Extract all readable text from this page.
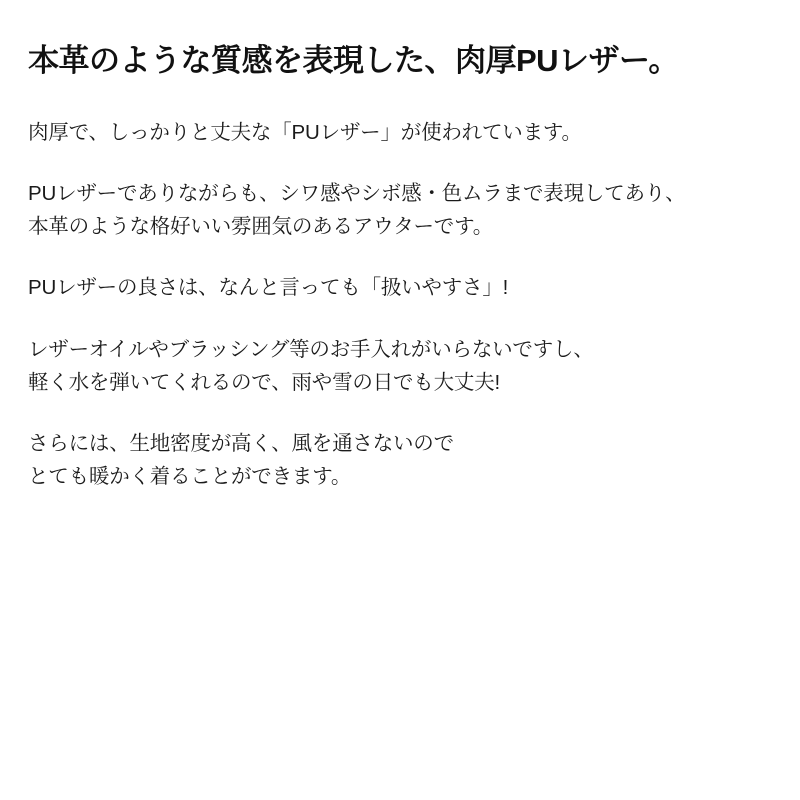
本革のような質感を表現した、肉厚PUレザー。

肉厚で、しっかりと丈夫な「PUレザー」が使われています。

PUレザーでありながらも、シワ感やシボ感・色ムラまで表現してあり、
本革のような格好いい雰囲気のあるアウターです。

PUレザーの良さは、なんと言っても「扱いやすさ」!

レザーオイルやブラッシング等のお手入れがいらないですし、
軽く水を弾いてくれるので、雨や雪の日でも大丈夫!

さらには、生地密度が高く、風を通さないので
とても暖かく着ることができます。
